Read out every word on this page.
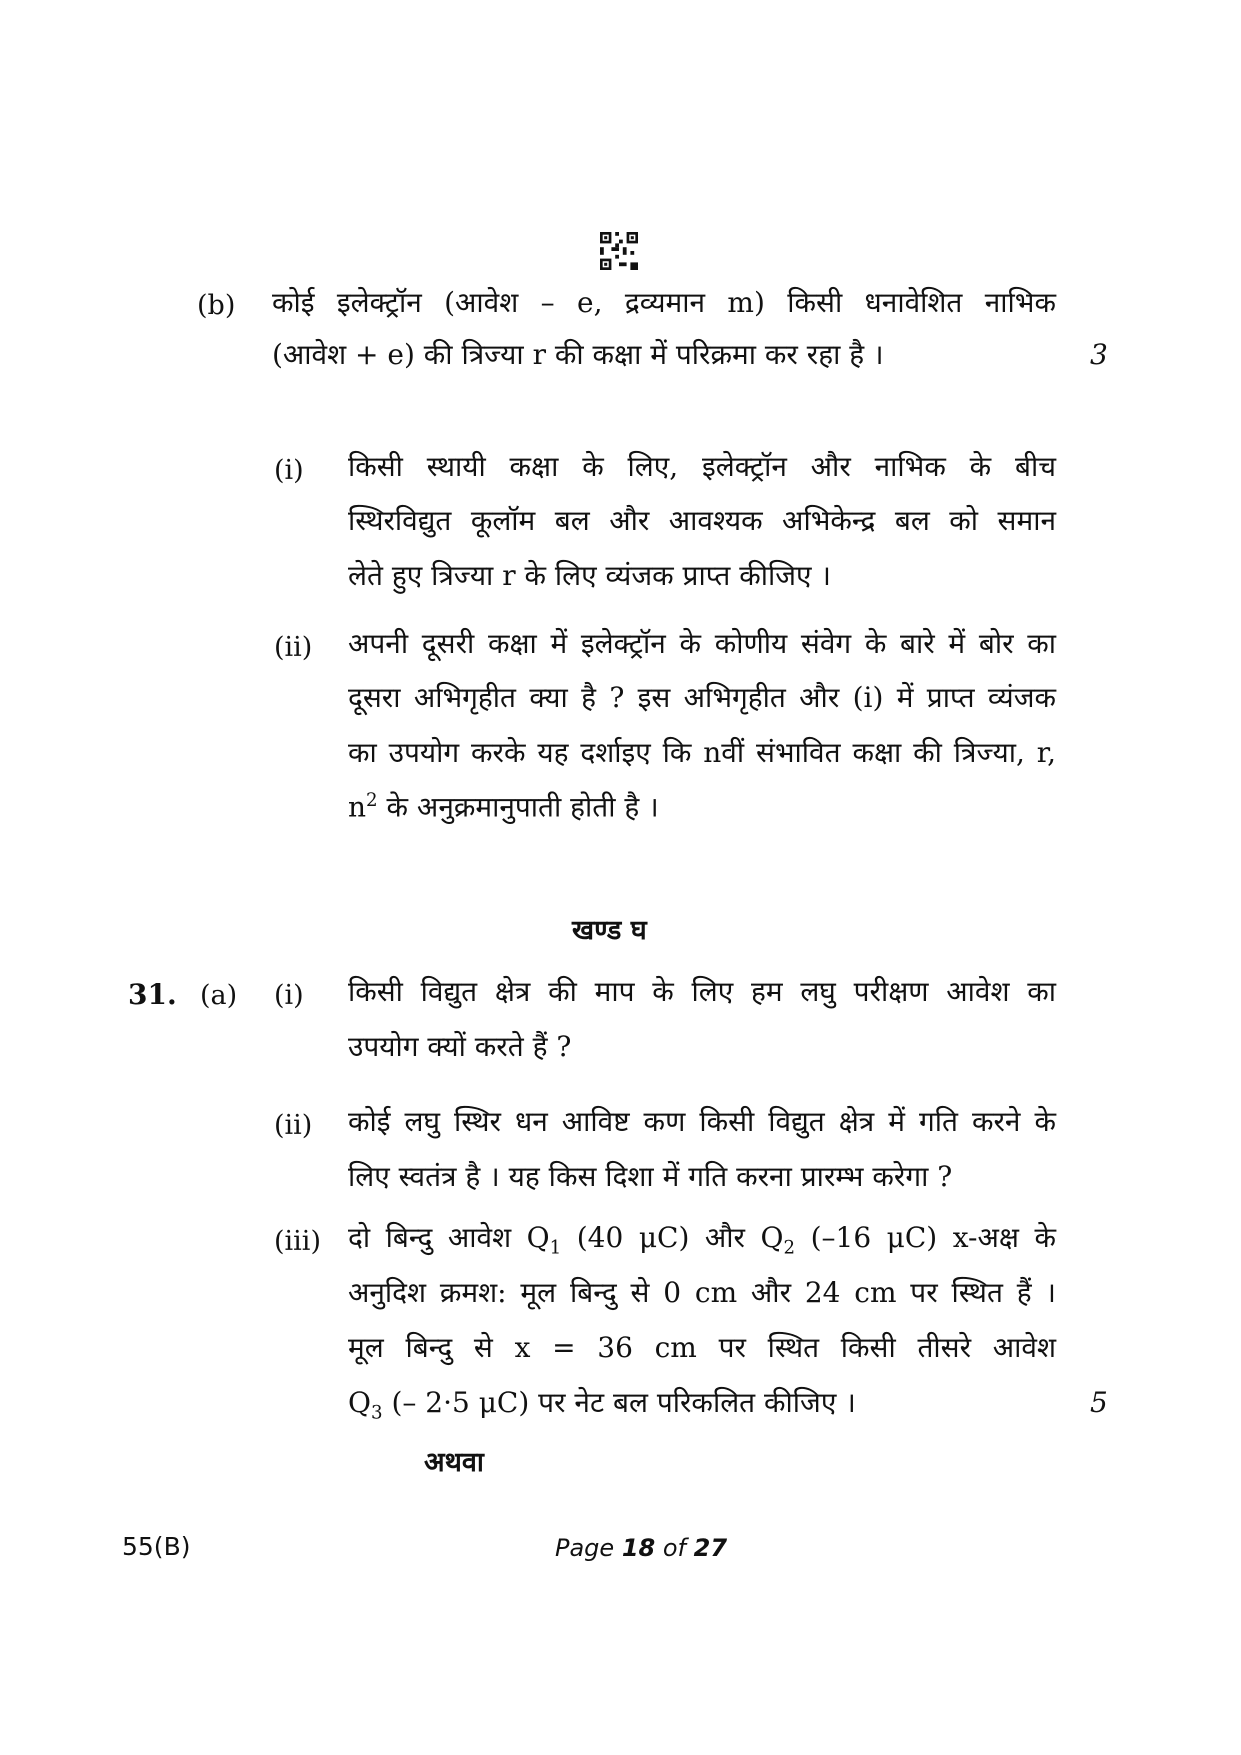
(b) कोई इलेक्ट्रॉन (आवेश – e, द्रव्यमान m) किसी धनावेशित नाभिक
(आवेश + e) की त्रिज्या r की कक्षा में परिक्रमा कर रहा है ।	3
(i) किसी स्थायी कक्षा के लिए, इलेक्ट्रॉन और नाभिक के बीच
स्थिरविद्युत कूलॉम बल और आवश्यक अभिकेन्द्र बल को समान
लेते हुए त्रिज्या r के लिए व्यंजक प्राप्त कीजिए ।
(ii) अपनी दूसरी कक्षा में इलेक्ट्रॉन के कोणीय संवेग के बारे में बोर का
दूसरा अभिगृहीत क्या है ? इस अभिगृहीत और (i) में प्राप्त व्यंजक
का उपयोग करके यह दर्शाइए कि nवीं संभावित कक्षा की त्रिज्या, r,
$n^2$ के अनुक्रमानुपाती होती है ।
खण्ड घ
31. (a) (i) किसी विद्युत क्षेत्र की माप के लिए हम लघु परीक्षण आवेश का
उपयोग क्यों करते हैं ?
(ii) कोई लघु स्थिर धन आविष्ट कण किसी विद्युत क्षेत्र में गति करने के
लिए स्वतंत्र है । यह किस दिशा में गति करना प्रारम्भ करेगा ?
(iii) दो बिन्दु आवेश $Q_1$ (40 μC) और $Q_2$ (–16 μC) x-अक्ष के
अनुदिश क्रमश: मूल बिन्दु से 0 cm और 24 cm पर स्थित हैं ।
मूल बिन्दु से x = 36 cm पर स्थित किसी तीसरे आवेश
$Q_3$ (– 2·5 μC) पर नेट बल परिकलित कीजिए ।	5
अथवा
55(B)	Page 18 of 27
